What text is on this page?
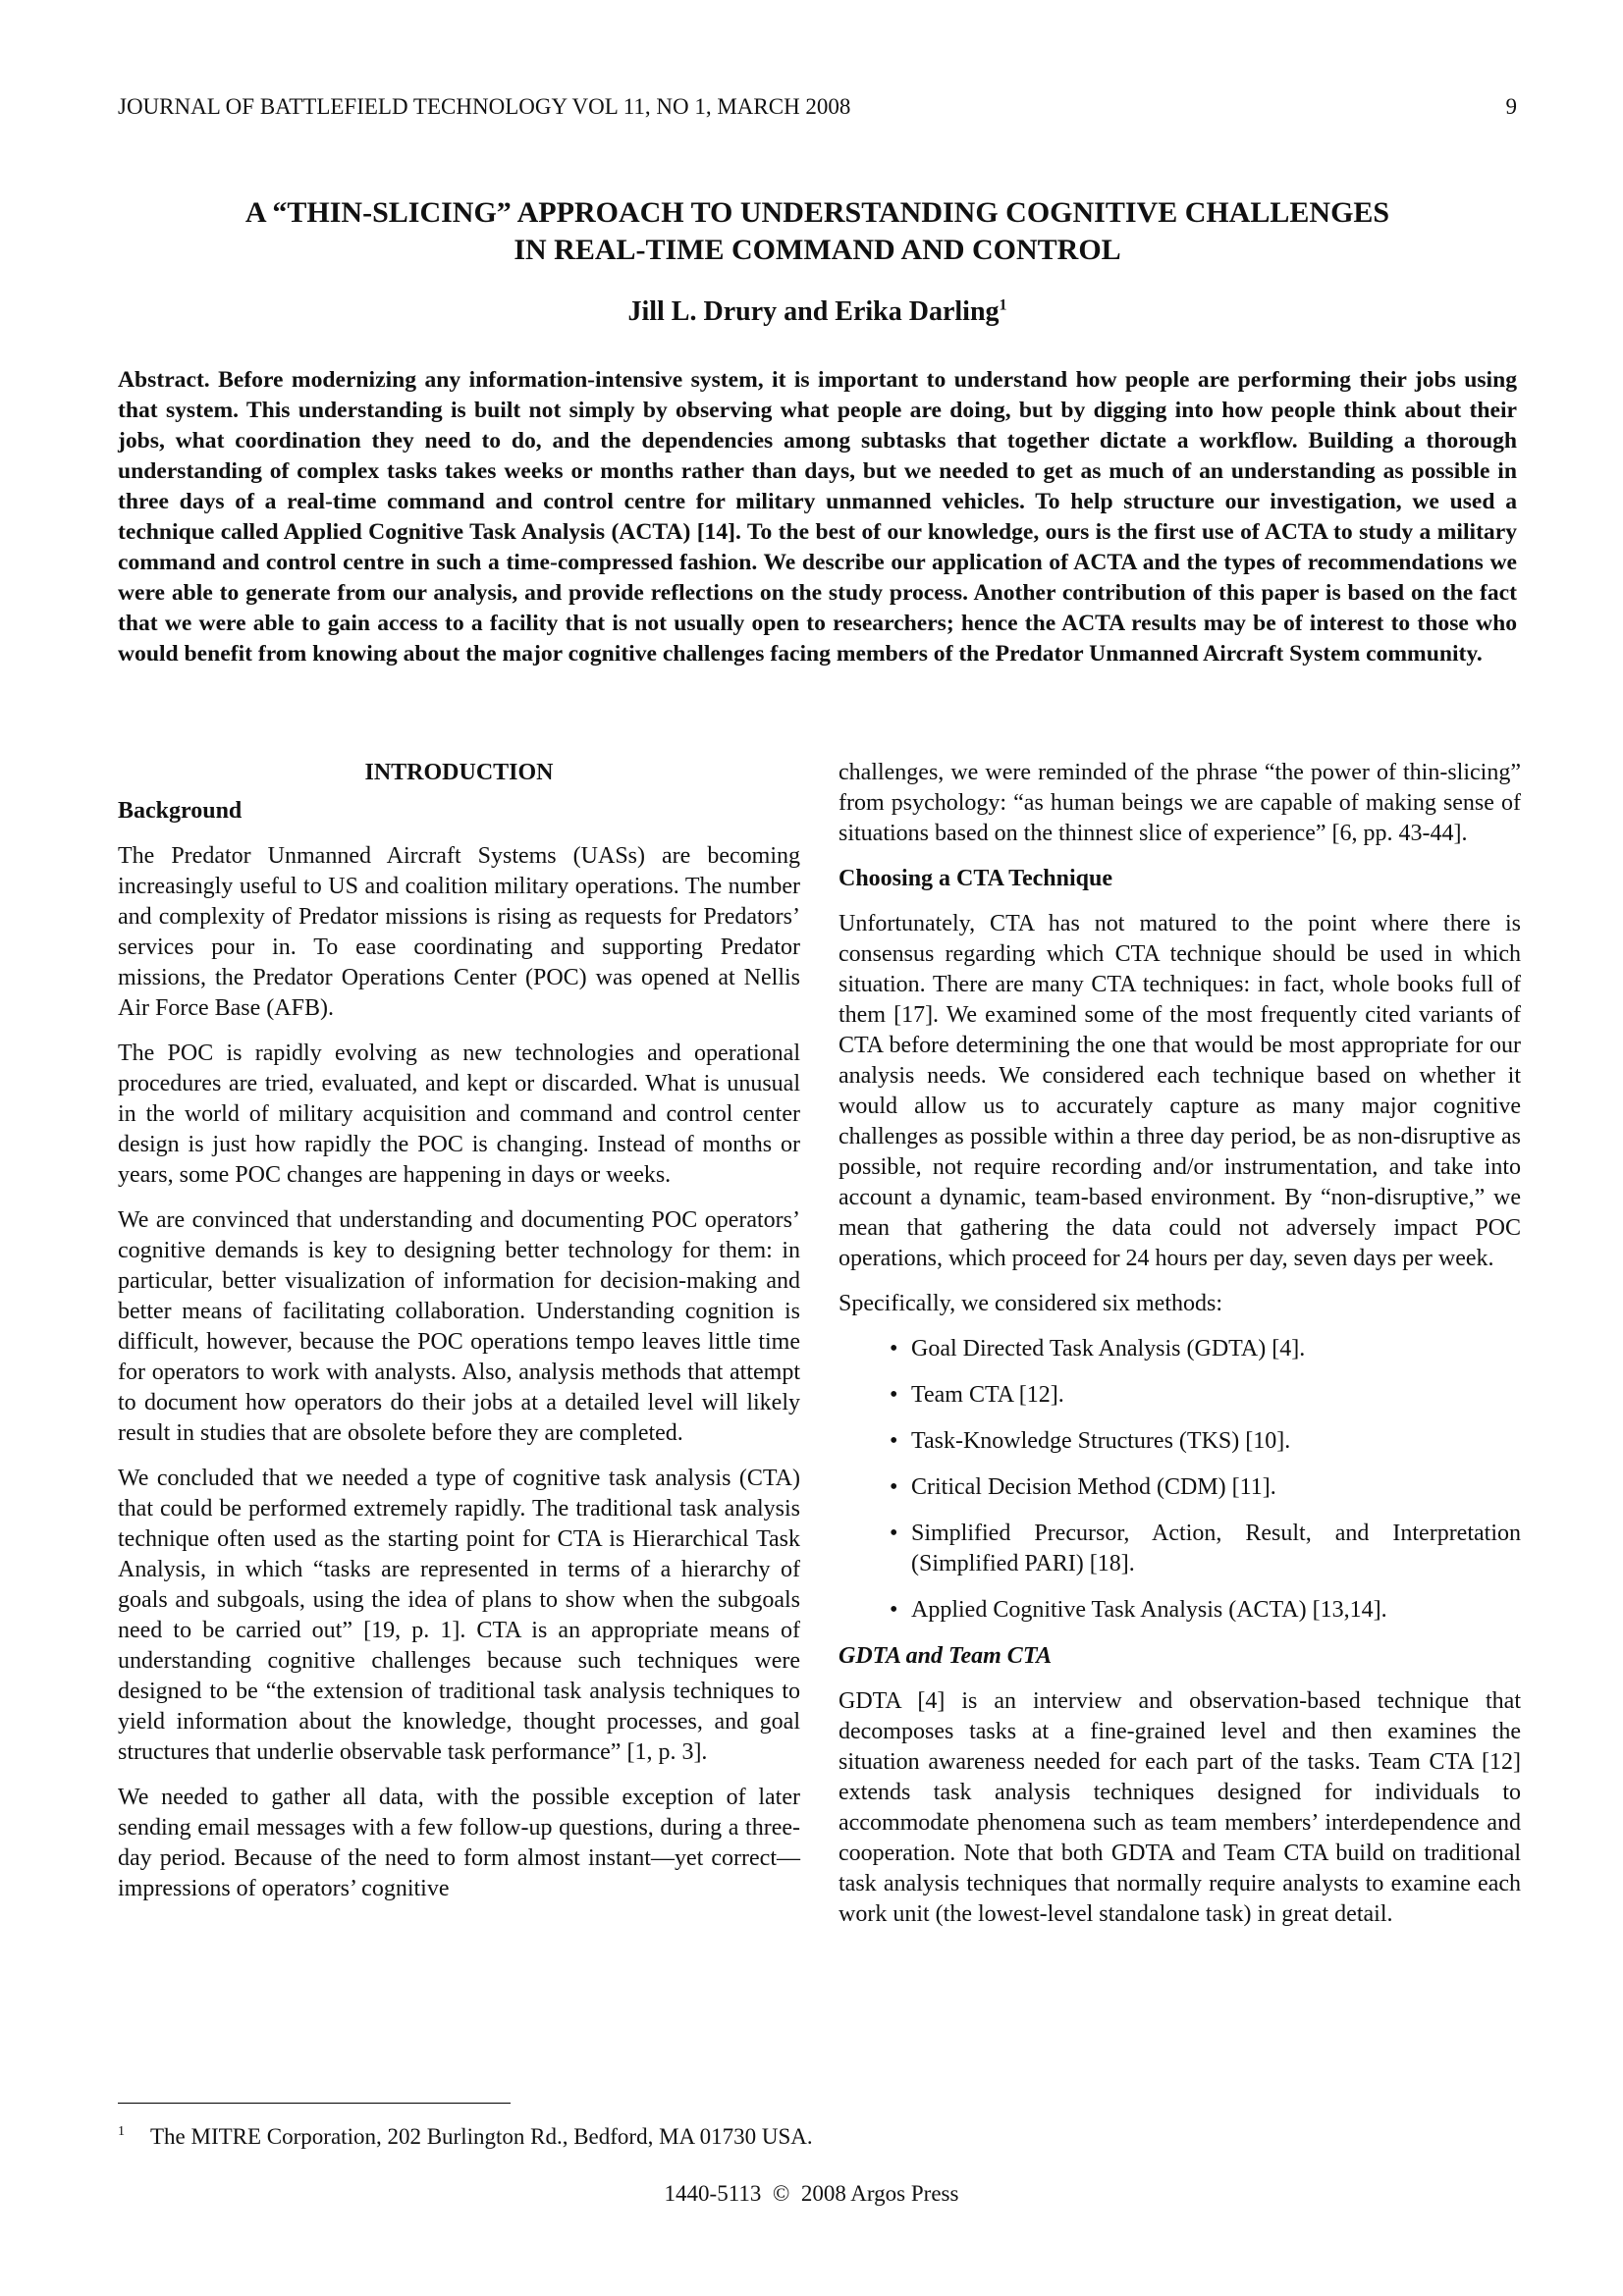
JOURNAL OF BATTLEFIELD TECHNOLOGY VOL 11, NO 1, MARCH 2008	9
A “THIN-SLICING” APPROACH TO UNDERSTANDING COGNITIVE CHALLENGES
IN REAL-TIME COMMAND AND CONTROL
Jill L. Drury and Erika Darling$^1$
Abstract. Before modernizing any information-intensive system, it is important to understand how people are performing their jobs using that system. This understanding is built not simply by observing what people are doing, but by digging into how people think about their jobs, what coordination they need to do, and the dependencies among subtasks that together dictate a workflow. Building a thorough understanding of complex tasks takes weeks or months rather than days, but we needed to get as much of an understanding as possible in three days of a real-time command and control centre for military unmanned vehicles. To help structure our investigation, we used a technique called Applied Cognitive Task Analysis (ACTA) [14]. To the best of our knowledge, ours is the first use of ACTA to study a military command and control centre in such a time-compressed fashion. We describe our application of ACTA and the types of recommendations we were able to generate from our analysis, and provide reflections on the study process. Another contribution of this paper is based on the fact that we were able to gain access to a facility that is not usually open to researchers; hence the ACTA results may be of interest to those who would benefit from knowing about the major cognitive challenges facing members of the Predator Unmanned Aircraft System community.
INTRODUCTION
Background

The Predator Unmanned Aircraft Systems (UASs) are becoming increasingly useful to US and coalition military operations. The number and complexity of Predator missions is rising as requests for Predators’ services pour in. To ease coordinating and supporting Predator missions, the Predator Operations Center (POC) was opened at Nellis Air Force Base (AFB).

The POC is rapidly evolving as new technologies and operational procedures are tried, evaluated, and kept or discarded. What is unusual in the world of military acquisition and command and control center design is just how rapidly the POC is changing. Instead of months or years, some POC changes are happening in days or weeks.

We are convinced that understanding and documenting POC operators’ cognitive demands is key to designing better technology for them: in particular, better visualization of information for decision-making and better means of facilitating collaboration. Understanding cognition is difficult, however, because the POC operations tempo leaves little time for operators to work with analysts. Also, analysis methods that attempt to document how operators do their jobs at a detailed level will likely result in studies that are obsolete before they are completed.

We concluded that we needed a type of cognitive task analysis (CTA) that could be performed extremely rapidly. The traditional task analysis technique often used as the starting point for CTA is Hierarchical Task Analysis, in which “tasks are represented in terms of a hierarchy of goals and subgoals, using the idea of plans to show when the subgoals need to be carried out” [19, p. 1]. CTA is an appropriate means of understanding cognitive challenges because such techniques were designed to be “the extension of traditional task analysis techniques to yield information about the knowledge, thought processes, and goal structures that underlie observable task performance” [1, p. 3].

We needed to gather all data, with the possible exception of later sending email messages with a few follow-up questions, during a three-day period. Because of the need to form almost instant—yet correct—impressions of operators’ cognitive

challenges, we were reminded of the phrase “the power of thin-slicing” from psychology: “as human beings we are capable of making sense of situations based on the thinnest slice of experience” [6, pp. 43-44].

Choosing a CTA Technique

Unfortunately, CTA has not matured to the point where there is consensus regarding which CTA technique should be used in which situation. There are many CTA techniques: in fact, whole books full of them [17]. We examined some of the most frequently cited variants of CTA before determining the one that would be most appropriate for our analysis needs. We considered each technique based on whether it would allow us to accurately capture as many major cognitive challenges as possible within a three day period, be as non-disruptive as possible, not require recording and/or instrumentation, and take into account a dynamic, team-based environment. By “non-disruptive,” we mean that gathering the data could not adversely impact POC operations, which proceed for 24 hours per day, seven days per week.

Specifically, we considered six methods:

• Goal Directed Task Analysis (GDTA) [4].
• Team CTA [12].
• Task-Knowledge Structures (TKS) [10].
• Critical Decision Method (CDM) [11].
• Simplified Precursor, Action, Result, and Interpretation (Simplified PARI) [18].
• Applied Cognitive Task Analysis (ACTA) [13,14].
GDTA and Team CTA

GDTA [4] is an interview and observation-based technique that decomposes tasks at a fine-grained level and then examines the situation awareness needed for each part of the tasks. Team CTA [12] extends task analysis techniques designed for individuals to accommodate phenomena such as team members’ interdependence and cooperation. Note that both GDTA and Team CTA build on traditional task analysis techniques that normally require analysts to examine each work unit (the lowest-level standalone task) in great detail.

$^1$ The MITRE Corporation, 202 Burlington Rd., Bedford, MA 01730 USA.
1440-5113  ©  2008 Argos Press
